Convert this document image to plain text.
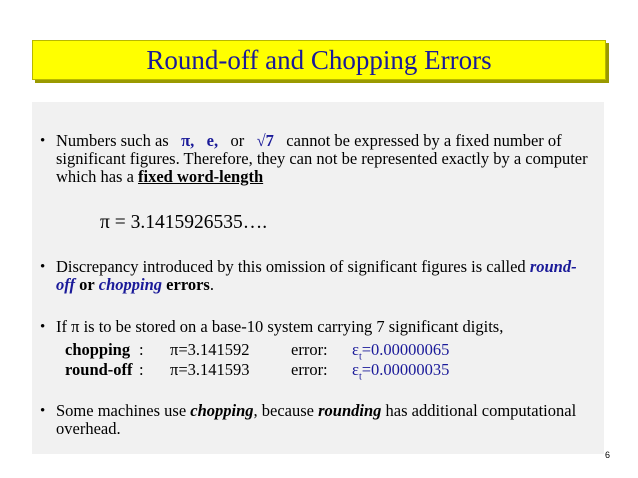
Round-off and Chopping Errors
• Numbers such as π, e, or √7 cannot be expressed by a fixed number of significant figures. Therefore, they can not be represented exactly by a computer which has a fixed word-length
π = 3.1415926535….
• Discrepancy introduced by this omission of significant figures is called round-off or chopping errors.
• If π is to be stored on a base-10 system carrying 7 significant digits,
chopping : π=3.141592	error: $\varepsilon_t=0.00000065$
round-off : π=3.141593	error: $\varepsilon_t=0.00000035$
• Some machines use chopping, because rounding has additional computational overhead.
6
